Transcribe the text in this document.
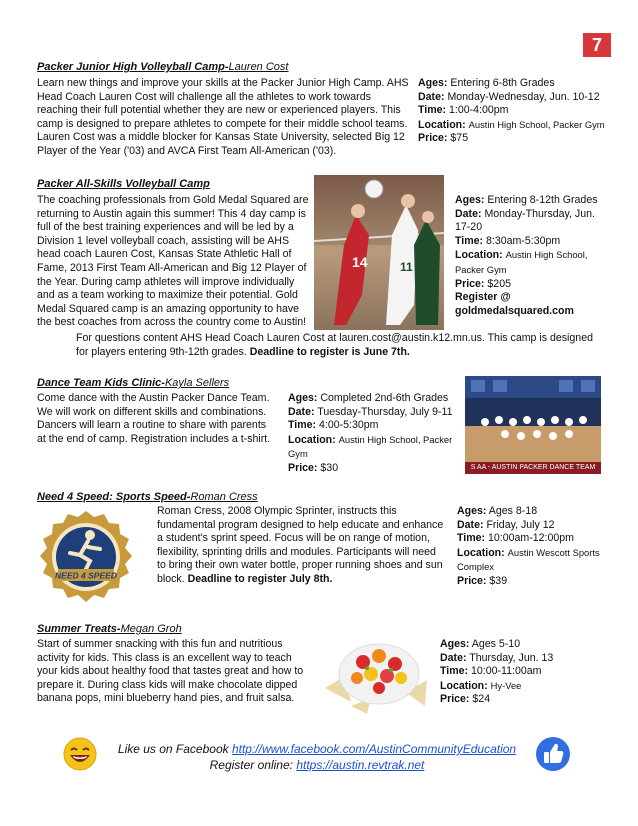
7
Packer Junior High Volleyball Camp-Lauren Cost
Learn new things and improve your skills at the Packer Junior High Camp. AHS Head Coach Lauren Cost will challenge all the athletes to work towards reaching their full potential whether they are new or experienced players. This camp is designed to prepare athletes to compete for their middle school teams. Lauren Cost was a middle blocker for Kansas State University, selected Big 12 Player of the Year ('03) and AVCA First Team All-American ('03).
Ages: Entering 6-8th Grades
Date: Monday-Wednesday, Jun. 10-12
Time: 1:00-4:00pm
Location: Austin High School, Packer Gym
Price: $75
Packer All-Skills Volleyball Camp
The coaching professionals from Gold Medal Squared are returning to Austin again this summer! This 4 day camp is full of the best training experiences and will be led by a Division 1 level volleyball coach, assisting will be AHS head coach Lauren Cost, Kansas State Athletic Hall of Fame, 2013 First Team All-American and Big 12 Player of the Year. During camp athletes will improve individually and as a team working to maximize their potential. Gold Medal Squared camp is an amazing opportunity to have the best coaches from across the country come to Austin!
14	11
Ages: Entering 8-12th Grades
Date: Monday-Thursday, Jun. 17-20
Time: 8:30am-5:30pm
Location: Austin High School, Packer Gym
Price: $205
Register @ goldmedalsquared.com
For questions content AHS Head Coach Lauren Cost at lauren.cost@austin.k12.mn.us. This camp is designed for players entering 9th-12th grades. Deadline to register is June 7th.
Dance Team Kids Clinic-Kayla Sellers
Come dance with the Austin Packer Dance Team. We will work on different skills and combinations. Dancers will learn a routine to share with parents at the end of camp. Registration includes a t-shirt.
Ages: Completed 2nd-6th Grades
Date: Tuesday-Thursday, July 9-11
Time: 4:00-5:30pm
Location: Austin High School, Packer Gym
Price: $30	S AA - AUSTIN PACKER DANCE TEAM
Need 4 Speed: Sports Speed-Roman Cress
NEED 4 SPEED
Roman Cress, 2008 Olympic Sprinter, instructs this fundamental program designed to help educate and enhance a student's sprint speed. Focus will be on range of motion, flexibility, sprinting drills and modules. Participants will need to bring their own water bottle, proper running shoes and sun block. Deadline to register July 8th.
Ages: Ages 8-18
Date: Friday, July 12
Time: 10:00am-12:00pm
Location: Austin Wescott Sports Complex
Price: $39
Summer Treats-Megan Groh
Start of summer snacking with this fun and nutritious activity for kids. This class is an excellent way to teach your kids about healthy food that tastes great and how to prepare it. During class kids will make chocolate dipped banana pops, mini blueberry hand pies, and fruit salsa.
Ages: Ages 5-10
Date: Thursday, Jun. 13
Time: 10:00-11:00am
Location: Hy-Vee
Price: $24
Like us on Facebook http://www.facebook.com/AustinCommunityEducation
Register online: https://austin.revtrak.net
